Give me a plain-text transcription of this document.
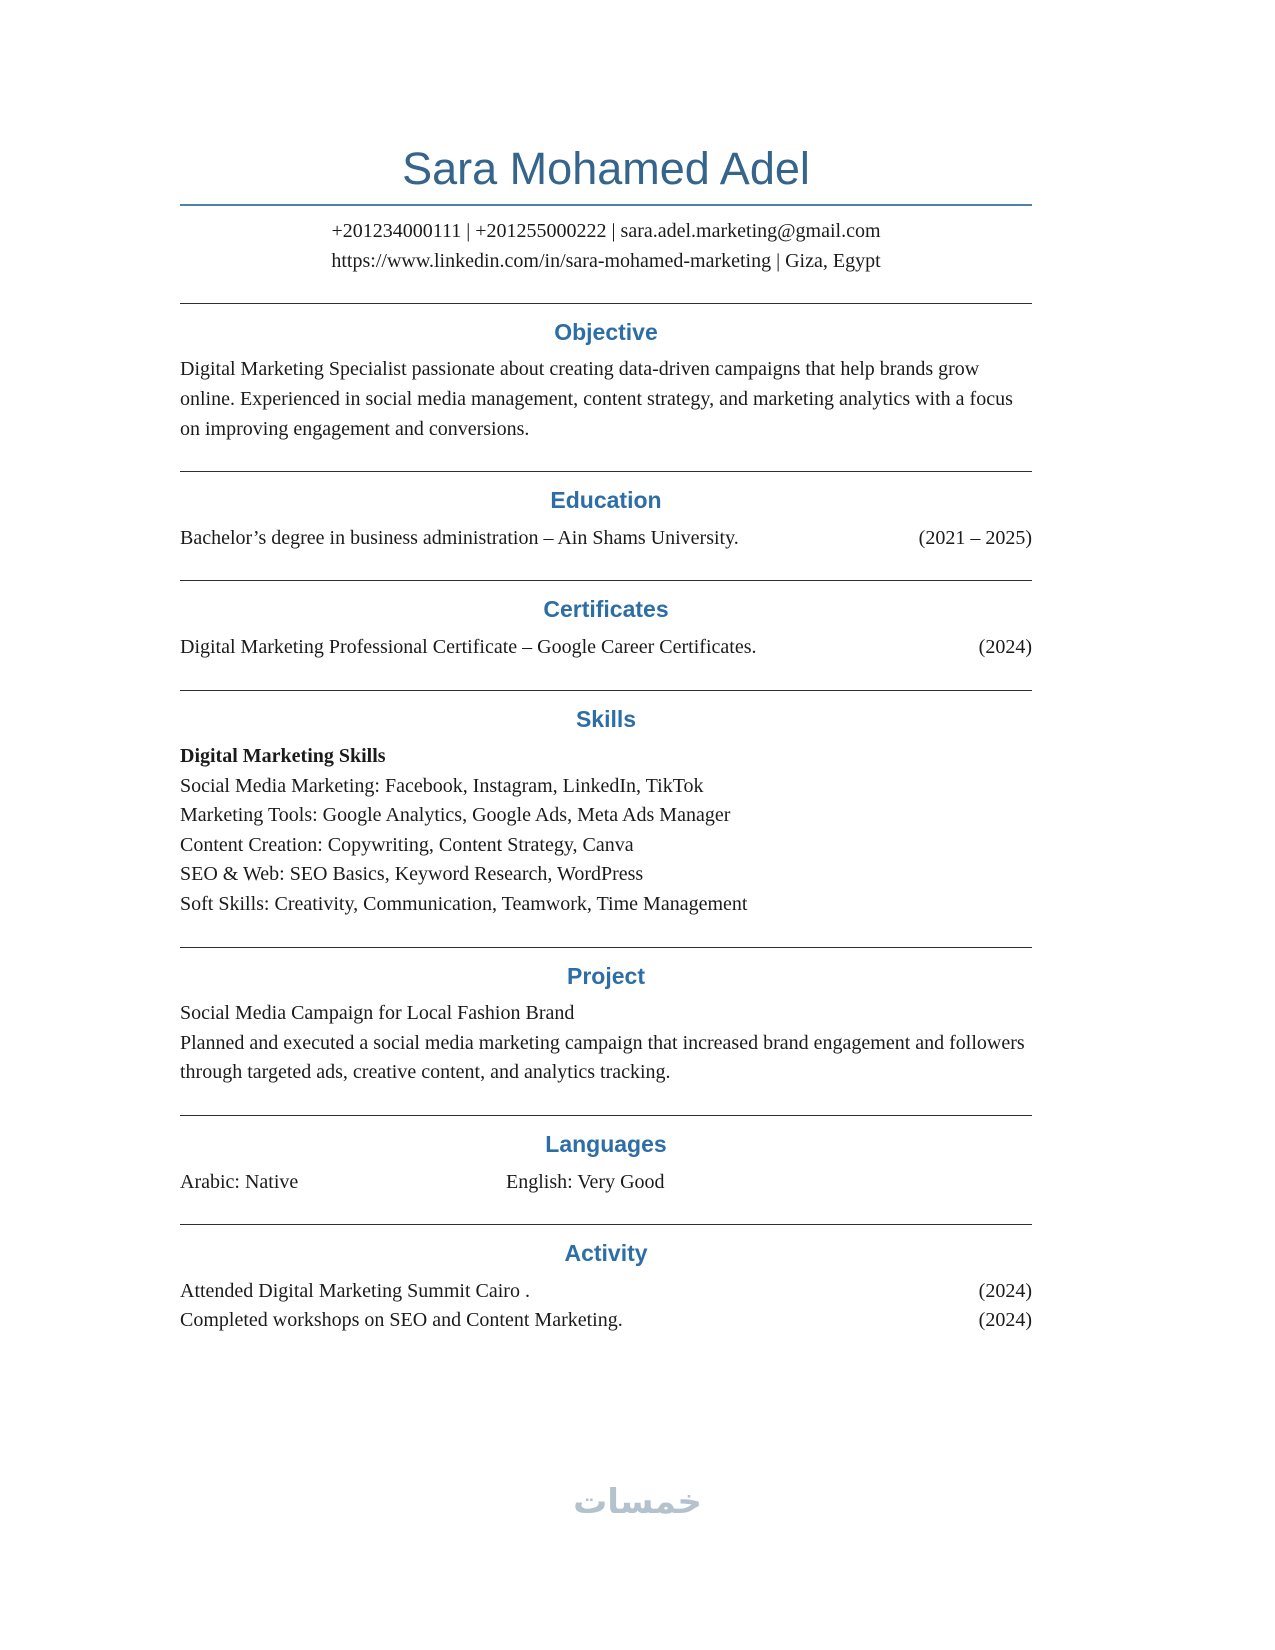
Sara Mohamed Adel

+201234000111 | +201255000222 | sara.adel.marketing@gmail.com

https://www.linkedin.com/in/sara-mohamed-marketing | Giza, Egypt

Objective

Digital Marketing Specialist passionate about creating data-driven campaigns that help brands grow online. Experienced in social media management, content strategy, and marketing analytics with a focus on improving engagement and conversions.

Education

Bachelor’s degree in business administration – Ain Shams University.	(2021 – 2025)

Certificates

Digital Marketing Professional Certificate – Google Career Certificates.	(2024)

Skills

Digital Marketing Skills

Social Media Marketing: Facebook, Instagram, LinkedIn, TikTok

Marketing Tools: Google Analytics, Google Ads, Meta Ads Manager

Content Creation: Copywriting, Content Strategy, Canva

SEO & Web: SEO Basics, Keyword Research, WordPress

Soft Skills: Creativity, Communication, Teamwork, Time Management

Project

Social Media Campaign for Local Fashion Brand

Planned and executed a social media marketing campaign that increased brand engagement and followers through targeted ads, creative content, and analytics tracking.

Languages

Arabic: Native	English: Very Good

Activity

Attended Digital Marketing Summit Cairo .	(2024)

Completed workshops on SEO and Content Marketing.	(2024)

خمسات
